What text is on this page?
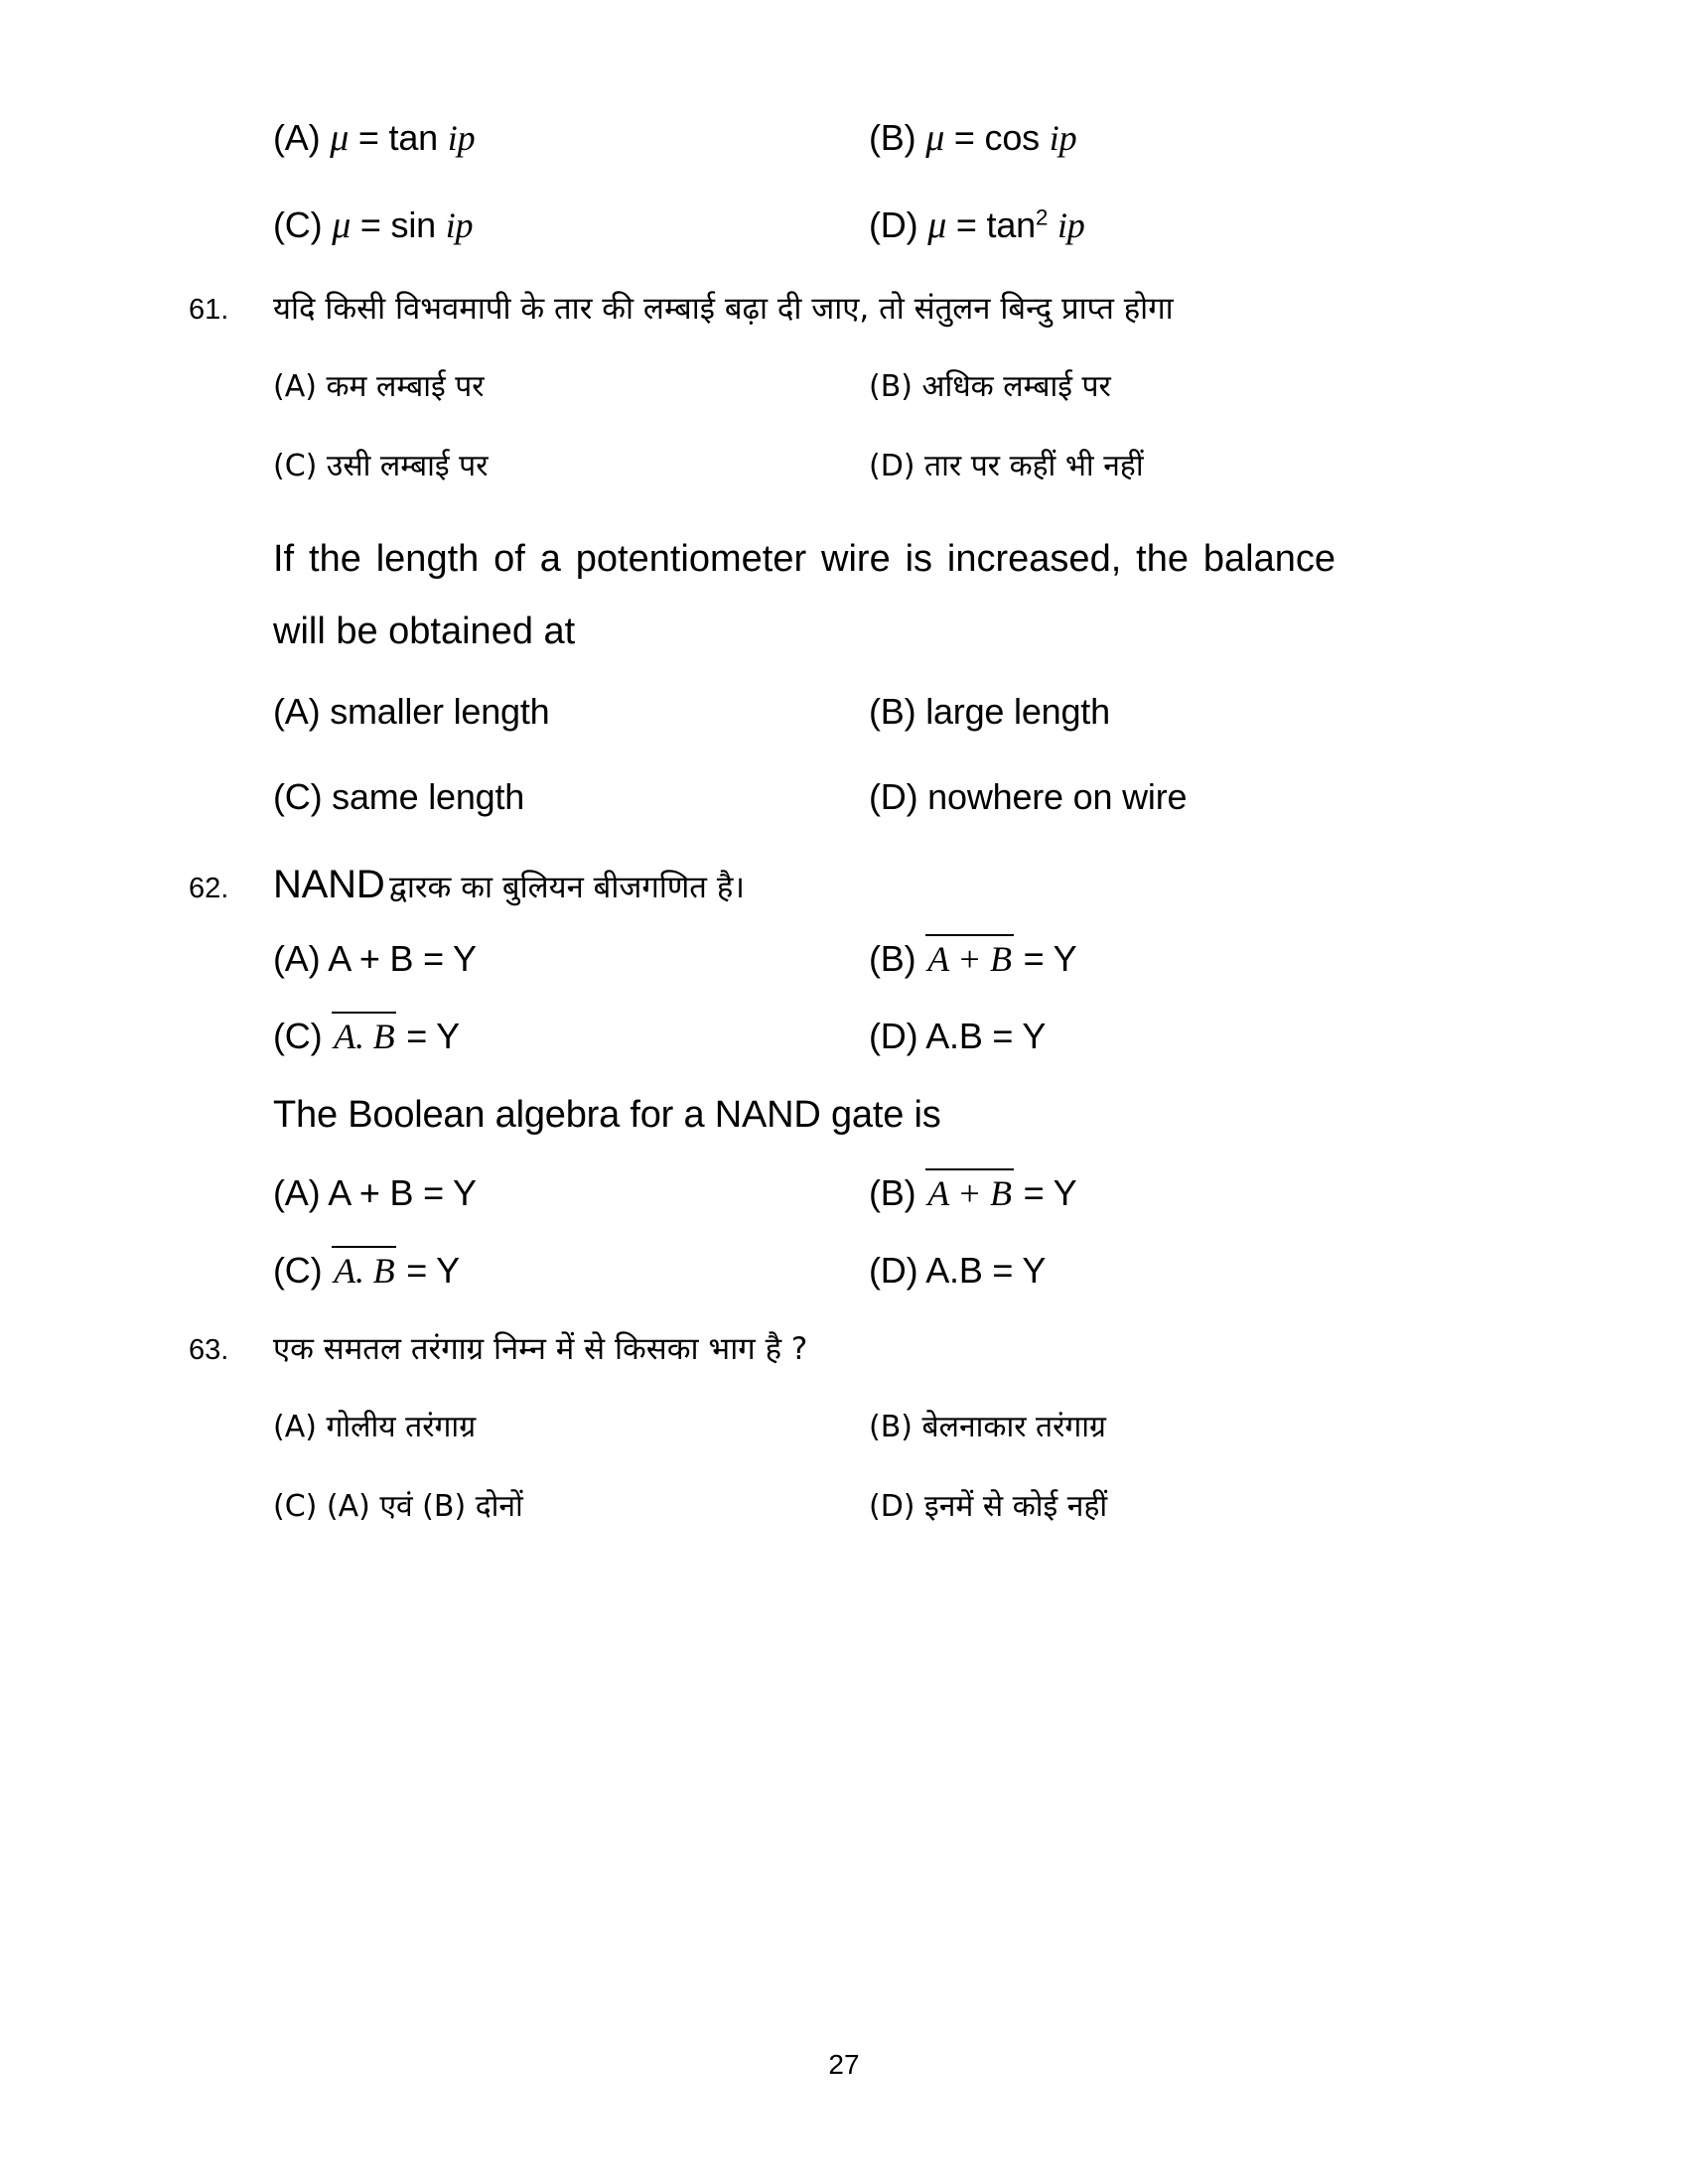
(A) μ = tan ip	(B) μ = cos ip
(C) μ = sin ip	(D) $\mu = \tan^2$ ip
61.	यदि किसी विभवमापी के तार की लम्बाई बढ़ा दी जाए, तो संतुलन बिन्दु प्राप्त होगा
(A) कम लम्बाई पर	(B) अधिक लम्बाई पर
(C) उसी लम्बाई पर	(D) तार पर कहीं भी नहीं
If the length of a potentiometer wire is increased, the balance will be obtained at
(A) smaller length	(B) large length
(C) same length	(D) nowhere on wire
62.	NAND द्वारक का बुलियन बीजगणित है।
(A) A + B = Y	(B) A + B = Y
(C) A. B = Y	(D) A.B = Y
The Boolean algebra for a NAND gate is
(A) A + B = Y	(B) A + B = Y
(C) A. B = Y	(D) A.B = Y
63.	एक समतल तरंगाग्र निम्न में से किसका भाग है ?
(A) गोलीय तरंगाग्र	(B) बेलनाकार तरंगाग्र
(C) (A) एवं (B) दोनों	(D) इनमें से कोई नहीं
27
